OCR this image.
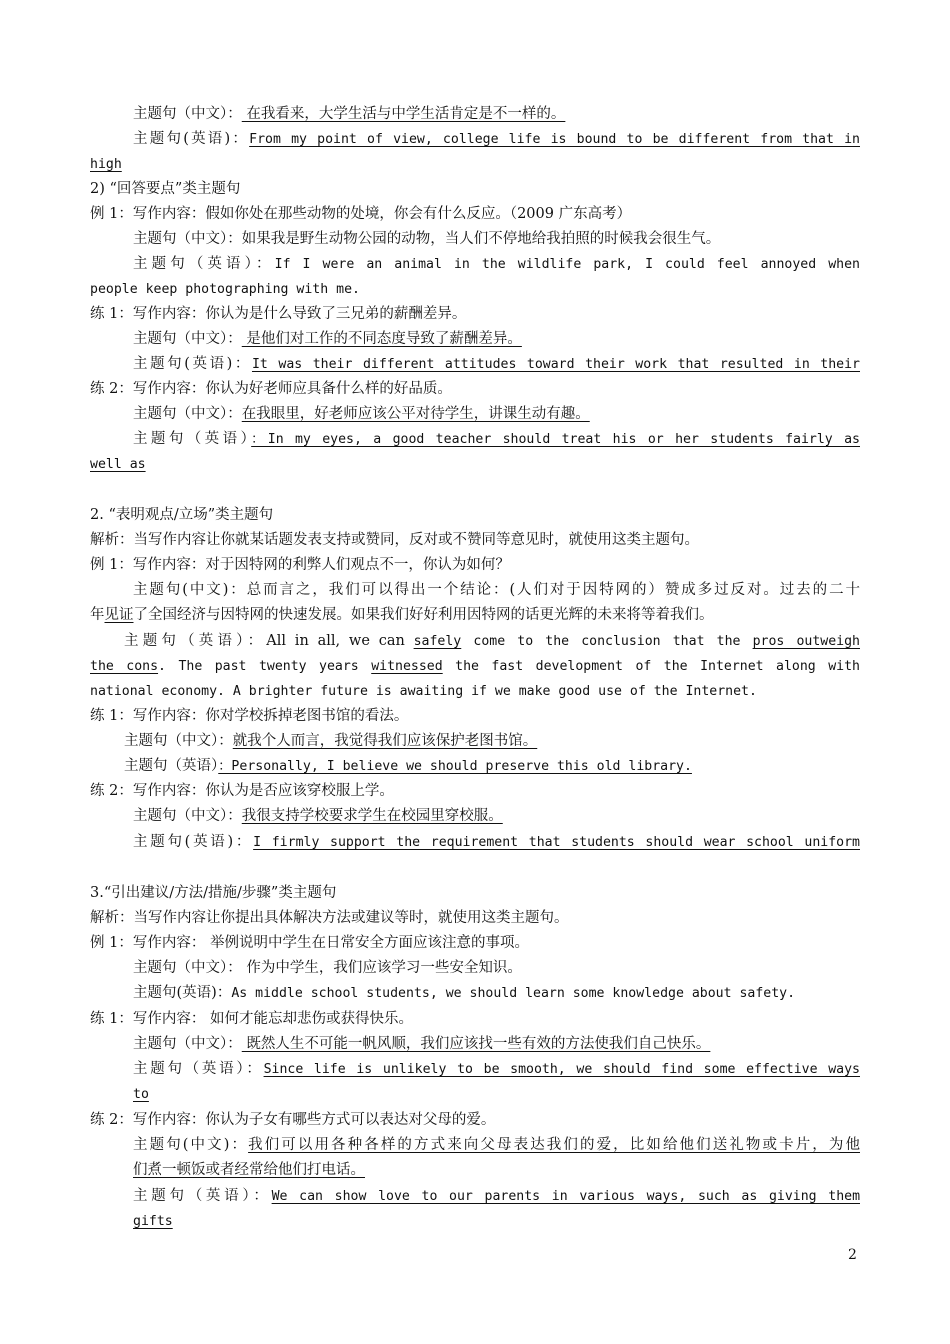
主题句（中文）： 在我看来，大学生活与中学生活肯定是不一样的。
主题句(英语)：From my point of view, college life is bound to be different from that in
high
2) “回答要点”类主题句
例 1：写作内容：假如你处在那些动物的处境，你会有什么反应。（2009 广东高考）
主题句（中文）：如果我是野生动物公园的动物，当人们不停地给我拍照的时候我会很生气。
主题句（英语）：If I were an animal in the wildlife park, I could feel annoyed when
people keep photographing with me.
练 1：写作内容：你认为是什么导致了三兄弟的薪酬差异。
主题句（中文）： 是他们对工作的不同态度导致了薪酬差异。
主题句(英语)：It was their different attitudes toward their work that resulted in their
练 2：写作内容：你认为好老师应具备什么样的好品质。
主题句（中文）：在我眼里，好老师应该公平对待学生，讲课生动有趣。
主题句（英语）：In my eyes, a good teacher should treat his or her students fairly as
well as
2. “表明观点/立场”类主题句
解析：当写作内容让你就某话题发表支持或赞同，反对或不赞同等意见时，就使用这类主题句。
例 1：写作内容：对于因特网的利弊人们观点不一，你认为如何？
主题句(中文)：总而言之，我们可以得出一个结论：(人们对于因特网的）赞成多过反对。过去的二十
年见证了全国经济与因特网的快速发展。如果我们好好利用因特网的话更光辉的未来将等着我们。
主题句（英语）：All in all, we can safely come to the conclusion that the pros outweigh
the cons. The past twenty years witnessed the fast development of the Internet along with
national economy. A brighter future is awaiting if we make good use of the Internet.
练 1：写作内容：你对学校拆掉老图书馆的看法。
主题句（中文）：就我个人而言，我觉得我们应该保护老图书馆。
主题句（英语）：Personally, I believe we should preserve this old library.
练 2：写作内容：你认为是否应该穿校服上学。
主题句（中文）：我很支持学校要求学生在校园里穿校服。
主题句(英语)：I firmly support the requirement that students should wear school uniform
3.“引出建议/方法/措施/步骤”类主题句
解析：当写作内容让你提出具体解决方法或建议等时，就使用这类主题句。
例 1：写作内容： 举例说明中学生在日常安全方面应该注意的事项。
主题句（中文）： 作为中学生，我们应该学习一些安全知识。
主题句(英语)：As middle school students, we should learn some knowledge about safety.
练 1：写作内容： 如何才能忘却悲伤或获得快乐。
主题句（中文）： 既然人生不可能一帆风顺，我们应该找一些有效的方法使我们自己快乐。
主题句（英语）：Since life is unlikely to be smooth, we should find some effective ways
to
练 2：写作内容：你认为子女有哪些方式可以表达对父母的爱。
主题句(中文)：我们可以用各种各样的方式来向父母表达我们的爱，比如给他们送礼物或卡片，为他
们煮一顿饭或者经常给他们打电话。
主题句（英语）：We can show love to our parents in various ways, such as giving them
gifts
2
